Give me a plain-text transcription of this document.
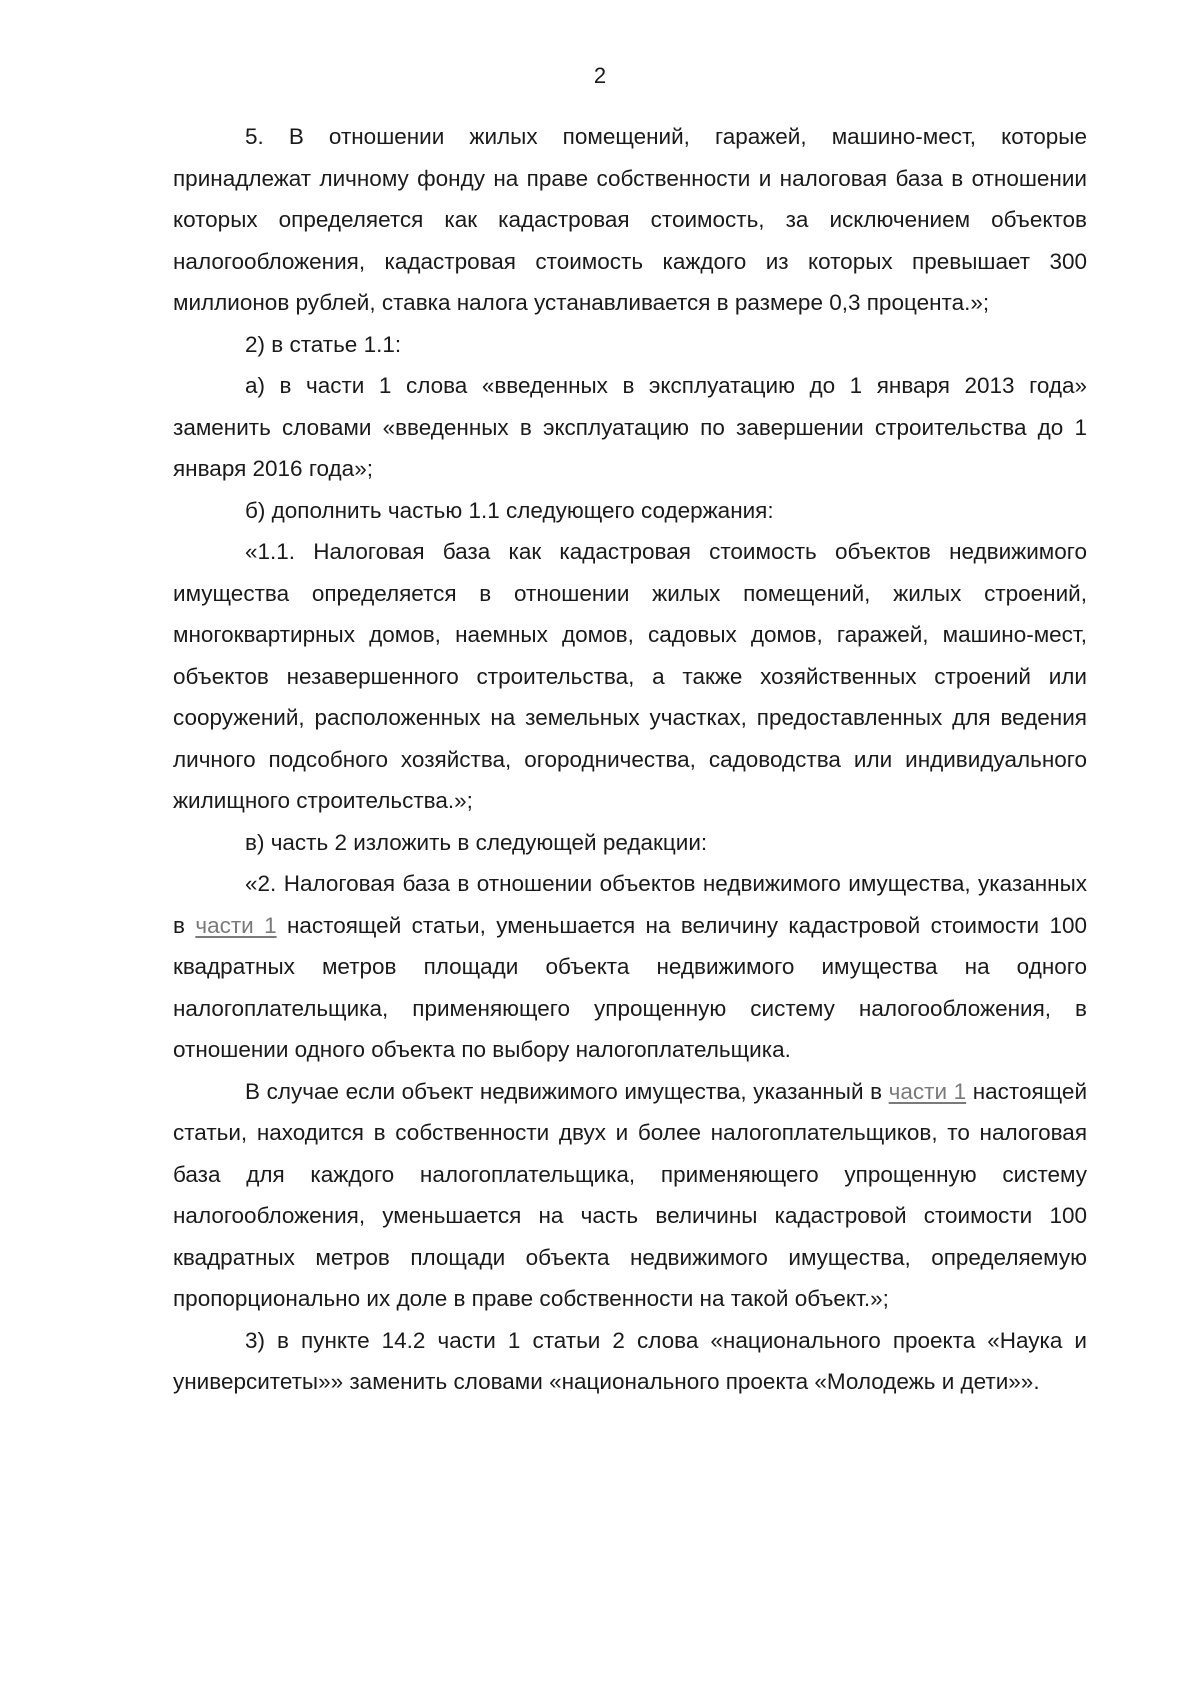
2

5. В отношении жилых помещений, гаражей, машино-мест, которые принадлежат личному фонду на праве собственности и налоговая база в отношении которых определяется как кадастровая стоимость, за исключением объектов налогообложения, кадастровая стоимость каждого из которых превышает 300 миллионов рублей, ставка налога устанавливается в размере 0,3 процента.»;

2) в статье 1.1:

а) в части 1 слова «введенных в эксплуатацию до 1 января 2013 года» заменить словами «введенных в эксплуатацию по завершении строительства до 1 января 2016 года»;

б) дополнить частью 1.1 следующего содержания:

«1.1. Налоговая база как кадастровая стоимость объектов недвижимого имущества определяется в отношении жилых помещений, жилых строений, многоквартирных домов, наемных домов, садовых домов, гаражей, машино-мест, объектов незавершенного строительства, а также хозяйственных строений или сооружений, расположенных на земельных участках, предоставленных для ведения личного подсобного хозяйства, огородничества, садоводства или индивидуального жилищного строительства.»;

в) часть 2 изложить в следующей редакции:

«2. Налоговая база в отношении объектов недвижимого имущества, указанных в части 1 настоящей статьи, уменьшается на величину кадастровой стоимости 100 квадратных метров площади объекта недвижимого имущества на одного налогоплательщика, применяющего упрощенную систему налогообложения, в отношении одного объекта по выбору налогоплательщика.

В случае если объект недвижимого имущества, указанный в части 1 настоящей статьи, находится в собственности двух и более налогоплательщиков, то налоговая база для каждого налогоплательщика, применяющего упрощенную систему налогообложения, уменьшается на часть величины кадастровой стоимости 100 квадратных метров площади объекта недвижимого имущества, определяемую пропорционально их доле в праве собственности на такой объект.»;

3) в пункте 14.2 части 1 статьи 2 слова «национального проекта «Наука и университеты»» заменить словами «национального проекта «Молодежь и дети»».
